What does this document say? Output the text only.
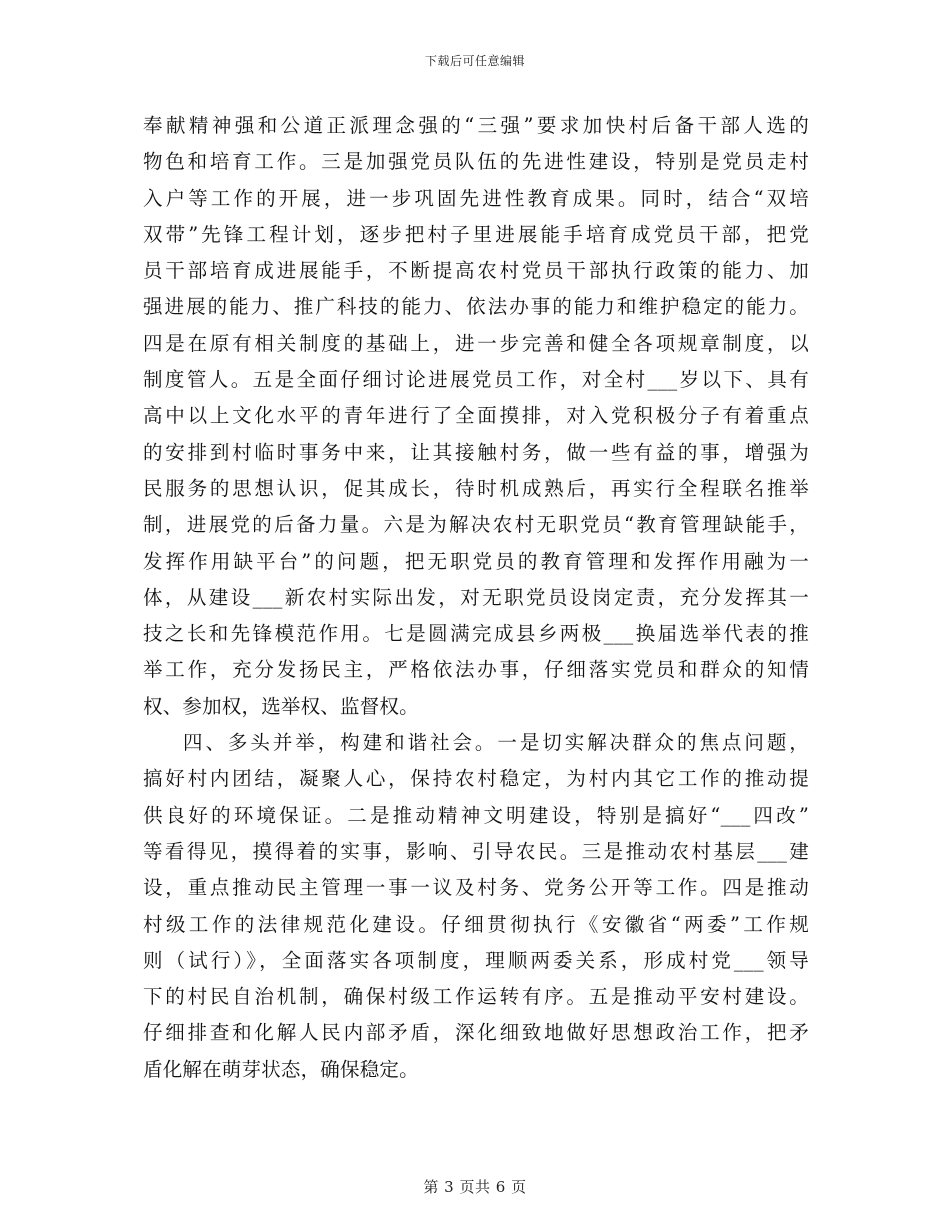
下载后可任意编辑
奉献精神强和公道正派理念强的“三强”要求加快村后备干部人选的
物色和培育工作。三是加强党员队伍的先进性建设，特别是党员走村
入户等工作的开展，进一步巩固先进性教育成果。同时，结合“双培
双带”先锋工程计划，逐步把村子里进展能手培育成党员干部，把党
员干部培育成进展能手，不断提高农村党员干部执行政策的能力、加
强进展的能力、推广科技的能力、依法办事的能力和维护稳定的能力。
四是在原有相关制度的基础上，进一步完善和健全各项规章制度，以
制度管人。五是全面仔细讨论进展党员工作，对全村___岁以下、具有
高中以上文化水平的青年进行了全面摸排，对入党积极分子有着重点
的安排到村临时事务中来，让其接触村务，做一些有益的事，增强为
民服务的思想认识，促其成长，待时机成熟后，再实行全程联名推举
制，进展党的后备力量。六是为解决农村无职党员“教育管理缺能手，
发挥作用缺平台”的问题，把无职党员的教育管理和发挥作用融为一
体，从建设___新农村实际出发，对无职党员设岗定责，充分发挥其一
技之长和先锋模范作用。七是圆满完成县乡两极___换届选举代表的推
举工作，充分发扬民主，严格依法办事，仔细落实党员和群众的知情
权、参加权，选举权、监督权。
四、多头并举，构建和谐社会。一是切实解决群众的焦点问题，
搞好村内团结，凝聚人心，保持农村稳定，为村内其它工作的推动提
供良好的环境保证。二是推动精神文明建设，特别是搞好“___四改”
等看得见，摸得着的实事，影响、引导农民。三是推动农村基层___建
设，重点推动民主管理一事一议及村务、党务公开等工作。四是推动
村级工作的法律规范化建设。仔细贯彻执行《安徽省“两委”工作规
则（试行）》，全面落实各项制度，理顺两委关系，形成村党___领导
下的村民自治机制，确保村级工作运转有序。五是推动平安村建设。
仔细排查和化解人民内部矛盾，深化细致地做好思想政治工作，把矛
盾化解在萌芽状态，确保稳定。
第 3 页共 6 页
